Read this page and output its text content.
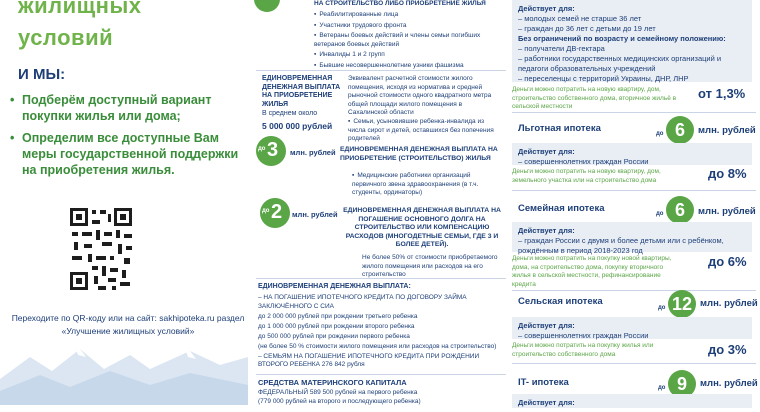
жилищных
условий
И МЫ:
• Подберём доступный вариант покупки жилья или дома;
• Определим все доступные Вам меры государственной поддержки на приобретения жилья.
Переходите по QR-коду или на сайт: sakhipoteka.ru раздел «Улучшение жилищных условий»
НА СТРОИТЕЛЬСТВО ЛИБО ПРИОБРЕТЕНИЕ ЖИЛЬЯ
▪ Реабилитированные лица
▪ Участники трудового фронта
▪ Ветераны боевых действий и члены семьи погибших ветеранов боевых действий
▪ Инвалиды 1 и 2 групп
▪ Бывшие несовершеннолетние узники фашизма
ЕДИНОВРЕМЕННАЯ ДЕНЕЖНАЯ ВЫПЛАТА НА ПРИОБРЕТЕНИЕ ЖИЛЬЯ
Эквивалент расчетной стоимости жилого помещения, исходя из норматива и средней рыночной стоимости одного квадратного метра общей площади жилого помещения в Сахалинской области
В среднем около
5 000 000 рублей
▪	Семьи, усыновившие ребенка-инвалида из числа сирот и детей, оставшихся без попечения родителей
до 3 млн. рублей ЕДИНОВРЕМЕННАЯ ДЕНЕЖНАЯ ВЫПЛАТА НА ПРИОБРЕТЕНИЕ (СТРОИТЕЛЬСТВО) ЖИЛЬЯ
▪ Медицинские работники организаций первичного звена здравоохранения (в т.ч. студенты, ординаторы)
до 2 млн. рублей ЕДИНОВРЕМЕННАЯ ДЕНЕЖНАЯ ВЫПЛАТА НА ПОГАШЕНИЕ ОСНОВНОГО ДОЛГА НА СТРОИТЕЛЬСТВО ИЛИ КОМПЕНСАЦИЮ РАСХОДОВ (МНОГОДЕТНЫЕ СЕМЬИ, ГДЕ 3 И БОЛЕЕ ДЕТЕЙ).
Не более 50% от стоимости приобретаемого жилого помещения или расходов на его строительство
ЕДИНОВРЕМЕННАЯ ДЕНЕЖНАЯ ВЫПЛАТА:
– НА ПОГАШЕНИЕ ИПОТЕЧНОГО КРЕДИТА ПО ДОГОВОРУ ЗАЙМА ЗАКЛЮЧЁННОГО С СИА
до 2 000 000 рублей при рождении третьего ребенка
до 1 000 000 рублей при рождении второго ребенка
до 500 000 рублей при рождении первого ребенка
(не более 50 % стоимости жилого помещения или расходов на строительство)
– СЕМЬЯМ НА ПОГАШЕНИЕ ИПОТЕЧНОГО КРЕДИТА ПРИ РОЖДЕНИИ ВТОРОГО РЕБЕНКА 276 842 рубля
СРЕДСТВА МАТЕРИНСКОГО КАПИТАЛА
ФЕДЕРАЛЬНЫЙ 589 500 рублей на первого ребенка
(779 000 рублей на второго и последующего ребенка)
Действует для:
– молодых семей не старше 36 лет
– граждан до 36 лет с детьми до 19 лет
Без ограничений по возрасту и семейному положению:
– получатели ДВ-гектара
– работники государственных медицинских организаций и педагоги образовательных учреждений
– переселенцы с территорий Украины, ДНР, ЛНР
Деньги можно потратить на новую квартиру, дом, строительство собственного дома, вторичное жильё в сельской местности
от 1,3%
Льготная ипотека	до 6	млн. рублей
Действует для:
– совершеннолетних граждан России
Деньги можно потратить на новую квартиру, дом, земельного участка или на строительство дома	до 8%
Семейная ипотека	до 6	млн. рублей
Действует для:
– граждан России с двумя и более детьми или с ребёнком, рождённым в период 2018-2023 год
Деньги можно потратить на покупку новой квартиры, дома, на строительство дома, покупку вторичного жилья в сельской местности, рефинансирование кредита
до 6%
Сельская ипотека
до 12 млн. рублей
Действует для:
– совершеннолетних граждан России
Деньги можно потратить на покупку жилья или строительство собственного дома	до 3%
IT- ипотека	до 9	млн. рублей
Действует для:
